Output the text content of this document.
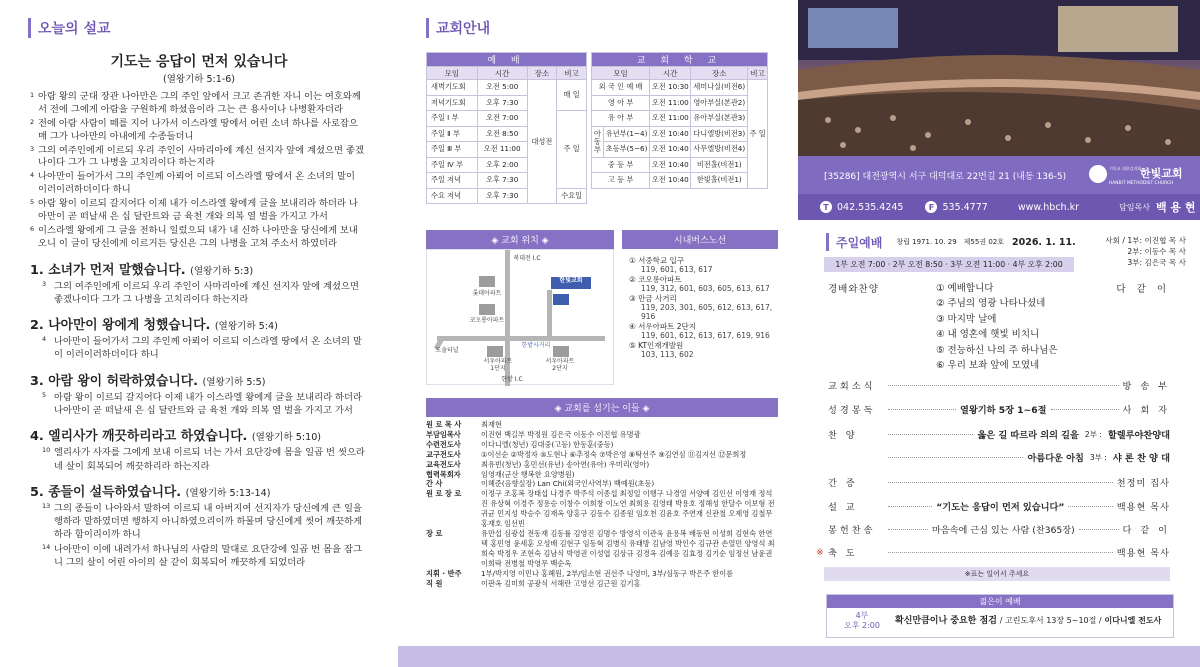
오늘의 설교
기도는 응답이 먼저 있습니다
(열왕기하 5:1-6)
1 아람 왕의 군대 장관 나아만은 그의 주인 앞에서 크고 존귀한 자니 이는 여호와께서 전에 그에게 아람을 구원하게 하셨음이라 그는 큰 용사이나 나병환자더라
2 전에 아람 사람이 떼를 지어 나가서 이스라엘 땅에서 어린 소녀 하나를 사로잡으매 그가 나아만의 아내에게 수종들더니
3 그의 여주인에게 이르되 우리 주인이 사마리아에 계신 선지자 앞에 계셨으면 좋겠나이다 그가 그 나병을 고치리이다 하는지라
4 나아만이 들어가서 그의 주인께 아뢰어 이르되 이스라엘 땅에서 온 소녀의 말이 이러이러하더이다 하니
5 아람 왕이 이르되 갈지어다 이제 내가 이스라엘 왕에게 글을 보내리라 하더라 나아만이 곧 떠날새 은 십 달란트와 금 육천 개와 의복 열 벌을 가지고 가서
6 이스라엘 왕에게 그 글을 전하니 일렀으되 내가 내 신하 나아만을 당신에게 보내오니 이 글이 당신에게 이르거든 당신은 그의 나병을 고쳐 주소서 하였더라
1. 소녀가 먼저 말했습니다. (열왕기하 5:3)
3 그의 여주인에게 이르되 우리 주인이 사마리아에 계신 선지자 앞에 계셨으면 좋겠나이다 그가 그 나병을 고치리이다 하는지라
2. 나아만이 왕에게 청했습니다. (열왕기하 5:4)
4 나아만이 들어가서 그의 주인께 아뢰어 이르되 이스라엘 땅에서 온 소녀의 말이 이러이러하더이다 하니
3. 아람 왕이 허락하였습니다. (열왕기하 5:5)
5 아람 왕이 이르되 갈지어다 이제 내가 이스라엘 왕에게 글을 보내리라 하더라 나아만이 곧 떠날새 은 십 달란트와 금 육천 개와 의복 열 벌을 가지고 가서
4. 엘리사가 깨끗하리라고 하였습니다. (열왕기하 5:10)
10 엘리사가 사자를 그에게 보내 이르되 너는 가서 요단강에 몸을 일곱 번 씻으라 네 살이 회복되어 깨끗하리라 하는지라
5. 종들이 설득하였습니다. (열왕기하 5:13-14)
13 그의 종들이 나아와서 말하여 이르되 내 아버지여 선지자가 당신에게 큰 일을 행하라 말하였더면 행하지 아니하였으리이까 하물며 당신에게 씻어 깨끗하게 하라 함이리이까 하니
14 나아만이 이에 내려가서 하나님의 사람의 말대로 요단강에 일곱 번 몸을 잠그니 그의 살이 어린 아이의 살 같이 회복되어 깨끗하게 되었더라
교회안내
예 배			
모임	시간	장소	비고
새벽기도회	오전 5:00	대성전	매 일
저녁기도회	오후 7:30		
주일 Ⅰ 부	오전 7:00		주 일
주일 Ⅱ 부	오전 8:50		
주일 Ⅲ 부	오전 11:00		
주일 Ⅳ 부	오후 2:00		
주일 저녁	오후 7:30		
수요 저녁	오후 7:30		수요일
교 회 학 교				
모임		시간	장소	비고
외 국 인 예 배		오전 10:30	세미나실(비전6)	주 일
영 아 부		오전 11:00	영아부실(본관2)	
유 아 부		오전 11:00	유아부실(본관3)	
아동부	유년부(1~4)	오전 10:40	다니엘방(비전3)	
	초등부(5~6)	오전 10:40	사무엘방(비전4)	
중 등 부		오전 10:40	비전홀(비전1)	
고 등 부		오전 10:40	한빛홀(비전1)	
◈ 교회 위치 ◈
북대전 I.C
롯데아파트
한빛교회
코오롱아파트
한밭사거리
도솔터널
서우아파트
1단지
서우아파트
2단지
한밭 I.C
시내버스노선
① 서중학교 입구
119, 601, 613, 617
② 코오롱아파트
119, 312, 601, 603, 605, 613, 617
③ 만금 사거리
119, 203, 301, 605, 612, 613, 617, 916
④ 서우아파트 2단지
119, 601, 612, 613, 617, 619, 916
⑤ KT인재개발원
103, 113, 602
◈ 교회를 섬기는 이들 ◈
원 로 목 사	최재현
부담임목사	이진현 백길부 박정원 김은국 이동수 이진협 유명광
수련전도사	이다니엘(청년) 김대중(고등) 한동훈(중등)
교구전도사	①이선순 ②박정자 ⑤도현나 ⑥추정숙 ⑦박은영 ⑧탁선주 ⑨김연심 ⑪김지선 ⑫문희정
교육전도사	최유빈(청년) 홍민선(유년) 송아연(유아) 우미리(영아)
협력목회자	임영재(군산 행복한 요양병원)
간 사	이혜준(음향실장) Lan Chi(외국인사역부) 백예원(초등)
원 로 장 로	이정구 조홍복 장태섭 나경주 박주석 이종섭 최정일 이행구 나경열 서양예 김인선 이영재 정석진 유상혁 이경주 정용승 이창수 이희창 이노연 최희용 김영태 박용호 정해성 한달수 이보형 전귀균 민지성 박승수 김재옥 양홍구 김동수 김종원 임호천 김윤호 주연재 신관철 오제영 김철무 홍재호 임선빈
장 로	유만섭 심광섭 전동재 김동률 김영진 김명수 방영석 이관욱 윤용복 배동현 이성희 김현숙 한연택 홍민영 윤세훈 오성배 김현구 임동혁 김병식 유태방 김남영 박인수 김규관 손열민 양영석 최희숙 박정우 조현숙 김남식 박영권 이성엽 김상규 김경옥 김예응 김효정 김기순 임정선 남윤권 이희락 전병철 박영무 백순옥
지휘 · 반주	1부/박지영 이민나 홍혜원, 2부/임소현 권선주 나영미, 3부/심동구 박은주 한이름
직 원	이판옥 김미희 공광식 서해란 고영선 김근원 김기홍
[35286] 대전광역시 서구 대덕대로 22번길 21 (내동 136-5)
기독교 대한감리회
한빛교회
HANBIT METHODIST CHURCH
T 042.535.4245	F 535.4777	www.hbch.kr	담임목사 백 용 현
주일예배 창립 1971. 10. 29 제55권 02호 2026. 1. 11.	사회 / 1부: 이진협 목 사
2부: 이동수 목 사
3부: 김은국 목 사
1부 오전 7:00 · 2부 오전 8:50 · 3부 오전 11:00 · 4부 오후 2:00
경배와찬양	다 같 이
① 예배합니다
② 주님의 영광 나타나셨네
③ 마지막 날에
④ 내 영혼에 햇빛 비치니
⑤ 전능하신 나의 주 하나님은
⑥ 우리 보좌 앞에 모였네
교회소식	방 송 부
성경봉독	열왕기하 5장 1~6절	사 회 자
찬 양	옳은 길 따르라 의의 길을 2부 : 할렐루야찬양대
아름다운 아침 3부 : 샤 론 찬 양 대
간 증	천정미 집사
설 교	“기도는 응답이 먼저 있습니다”	백용현 목사
봉헌찬송	마음속에 근심 있는 사람 (찬365장)	다 같 이
※ 축 도	백용현 목사
※표는 일어서 주세요
젊은이 예배
4부
오후 2:00	확신만큼이나 중요한 점검 / 고린도후서 13장 5~10절 / 이다니엘 전도사
